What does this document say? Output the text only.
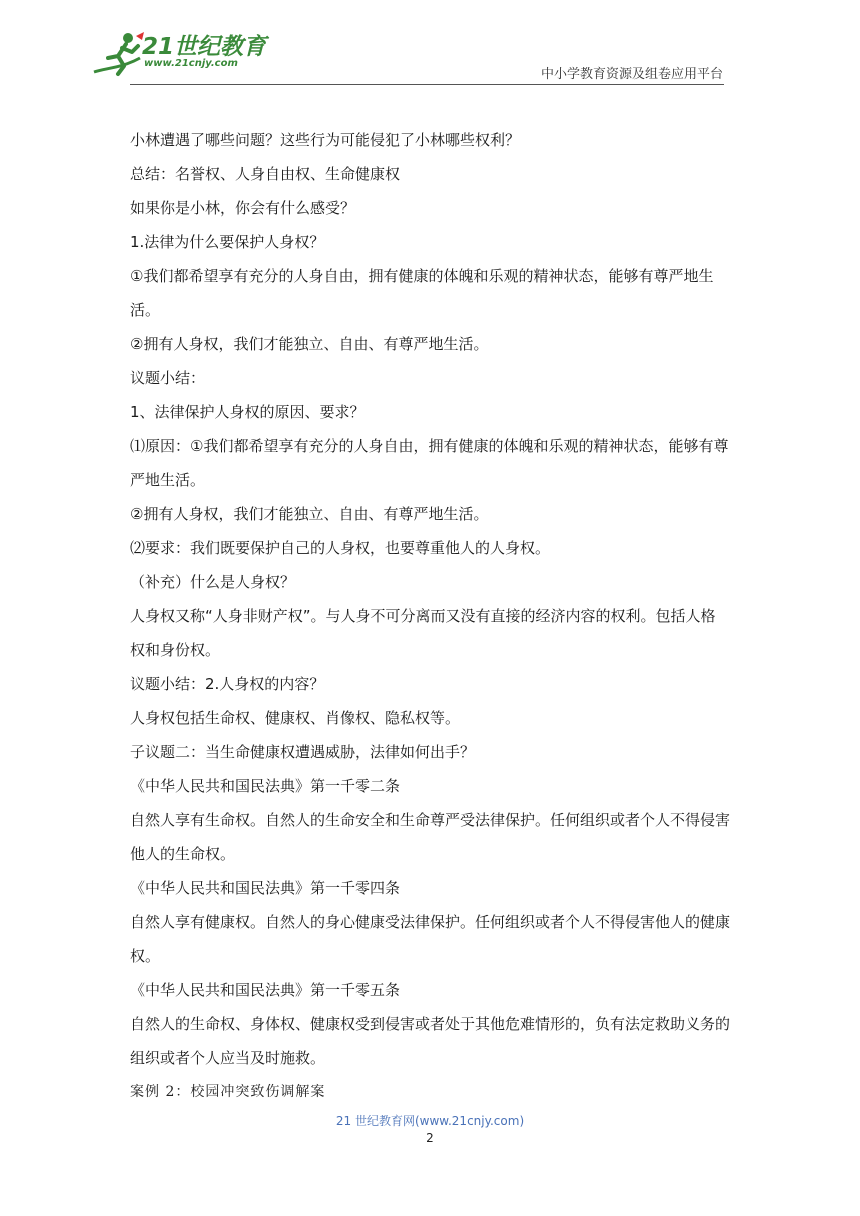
21世纪教育
www.21cnjy.com
中小学教育资源及组卷应用平台

小林遭遇了哪些问题？这些行为可能侵犯了小林哪些权利？

总结：名誉权、人身自由权、生命健康权

如果你是小林，你会有什么感受？

1.法律为什么要保护人身权？

①我们都希望享有充分的人身自由，拥有健康的体魄和乐观的精神状态，能够有尊严地生活。

②拥有人身权，我们才能独立、自由、有尊严地生活。

议题小结：

1、法律保护人身权的原因、要求？

⑴原因：①我们都希望享有充分的人身自由，拥有健康的体魄和乐观的精神状态，能够有尊严地生活。

②拥有人身权，我们才能独立、自由、有尊严地生活。

⑵要求：我们既要保护自己的人身权，也要尊重他人的人身权。

（补充）什么是人身权？

人身权又称“人身非财产权”。与人身不可分离而又没有直接的经济内容的权利。包括人格权和身份权。

议题小结：2.人身权的内容？

人身权包括生命权、健康权、肖像权、隐私权等。

子议题二：当生命健康权遭遇威胁，法律如何出手？

《中华人民共和国民法典》第一千零二条

自然人享有生命权。自然人的生命安全和生命尊严受法律保护。任何组织或者个人不得侵害他人的生命权。

《中华人民共和国民法典》第一千零四条

自然人享有健康权。自然人的身心健康受法律保护。任何组织或者个人不得侵害他人的健康权。

《中华人民共和国民法典》第一千零五条

自然人的生命权、身体权、健康权受到侵害或者处于其他危难情形的，负有法定救助义务的组织或者个人应当及时施救。

案例 2：校园冲突致伤调解案

21 世纪教育网(www.21cnjy.com)
2
